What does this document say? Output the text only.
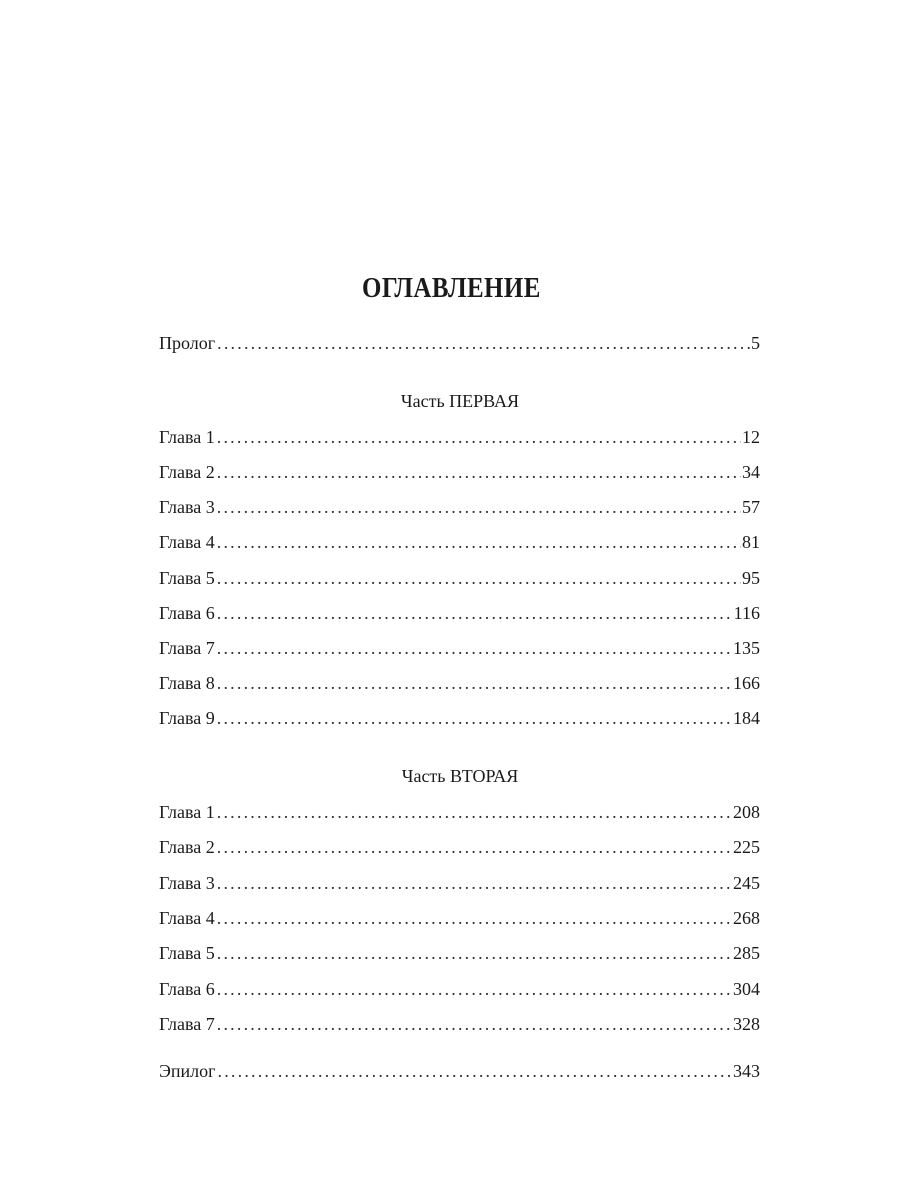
ОГЛАВЛЕНИЕ
Пролог .....	5
Часть ПЕРВАЯ
Глава 1 .....	12
Глава 2 .....	34
Глава 3 .....	57
Глава 4 .....	81
Глава 5 .....	95
Глава 6 .....	116
Глава 7 .....	135
Глава 8 .....	166
Глава 9 .....	184
Часть ВТОРАЯ
Глава 1 .....	208
Глава 2 .....	225
Глава 3 .....	245
Глава 4 .....	268
Глава 5 .....	285
Глава 6 .....	304
Глава 7 .....	328
Эпилог .....	343
